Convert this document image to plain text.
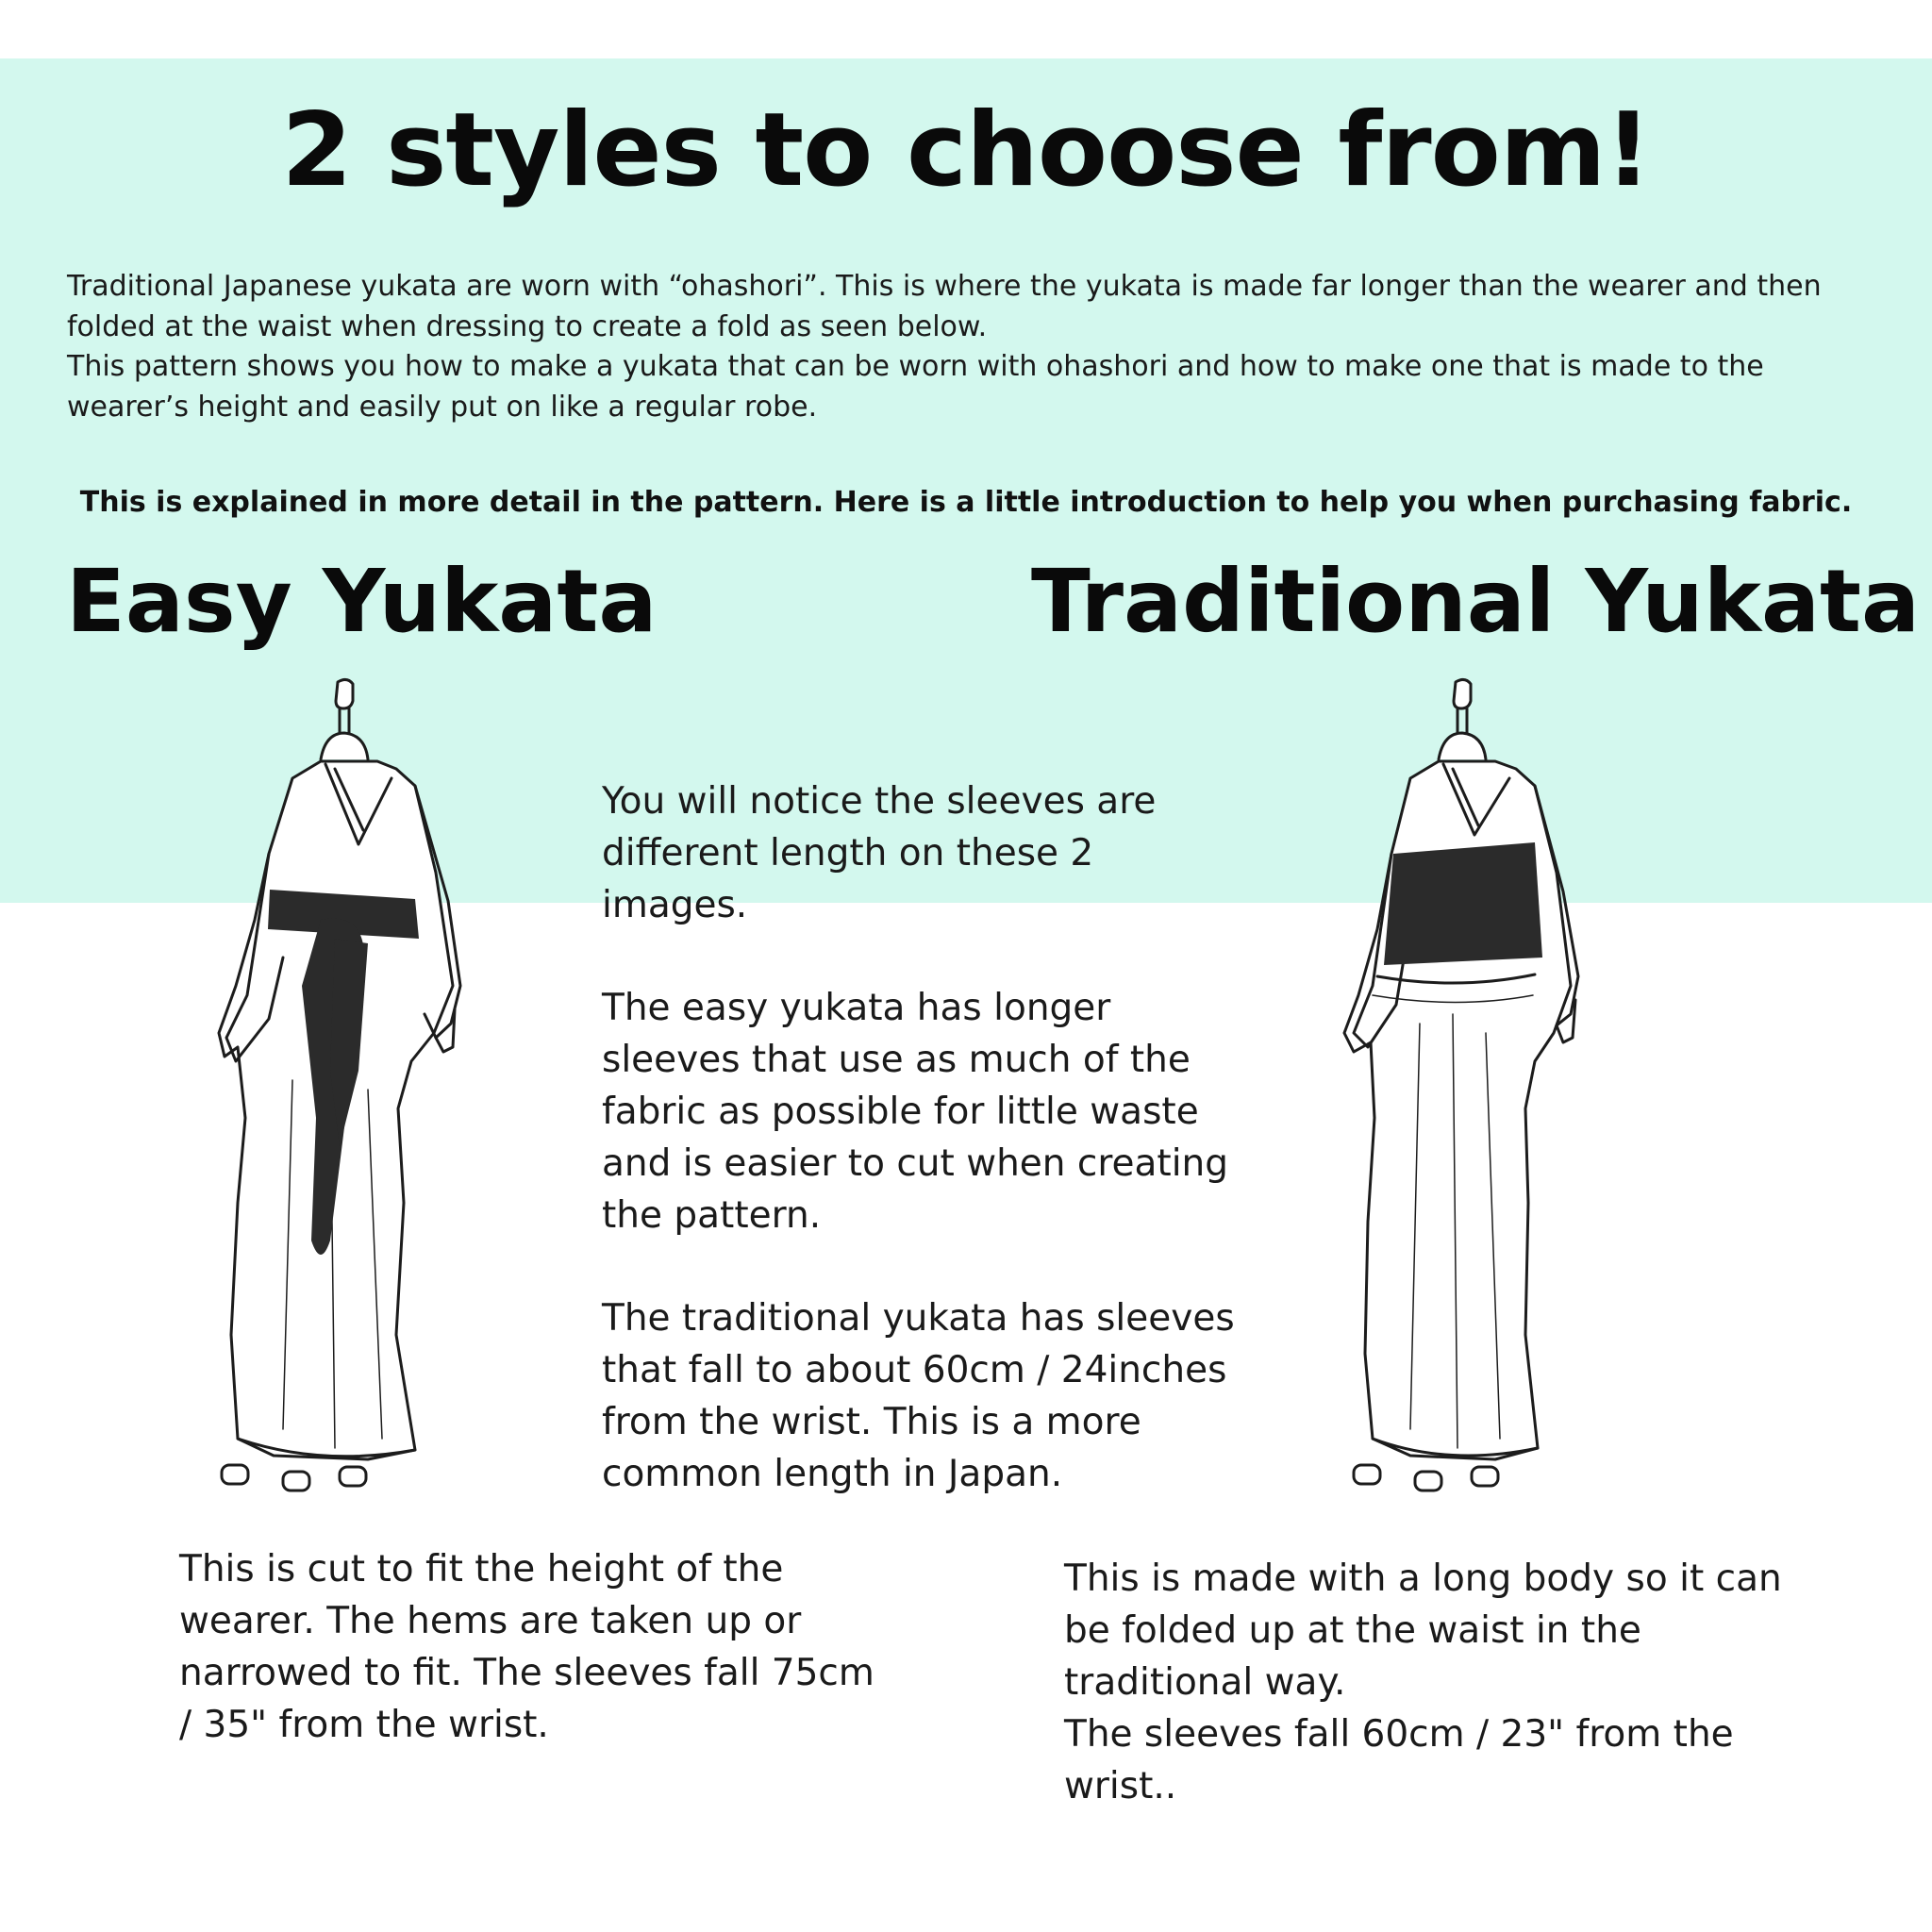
2 styles to choose from!

Traditional Japanese yukata are worn with “ohashori”. This is where the yukata is made far longer than the wearer and then folded at the waist when dressing to create a fold as seen below.

This pattern shows you how to make a yukata that can be worn with ohashori and how to make one that is made to the wearer’s height and easily put on like a regular robe.

This is explained in more detail in the pattern. Here is a little introduction to help you when purchasing fabric.
Easy Yukata	Traditional Yukata

You will notice the sleeves are different length on these 2 images.

The easy yukata has longer sleeves that use as much of the fabric as possible for little waste and is easier to cut when creating the pattern.

The traditional yukata has sleeves that fall to about 60cm / 24inches from the wrist. This is a more common length in Japan.

This is cut to fit the height of the wearer. The hems are taken up or narrowed to fit. The sleeves fall 75cm / 35" from the wrist.

This is made with a long body so it can be folded up at the waist in the traditional way.

The sleeves fall 60cm / 23" from the wrist..
